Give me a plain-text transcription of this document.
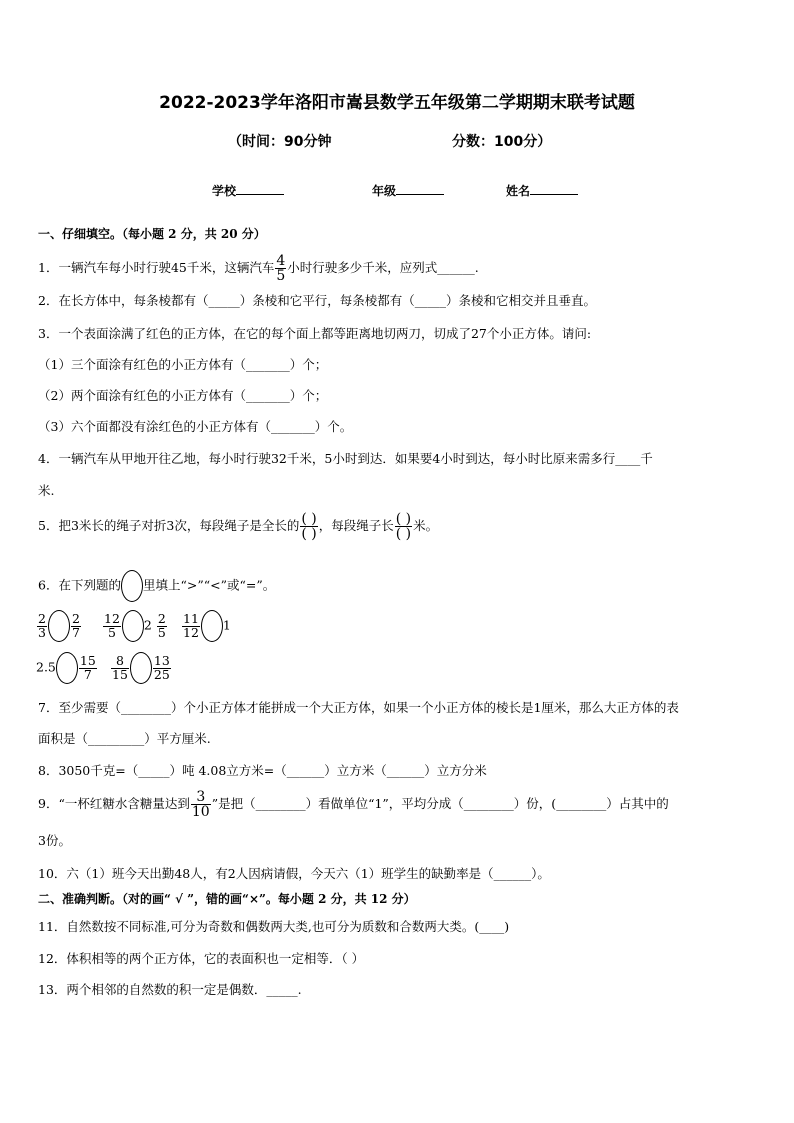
2022-2023学年洛阳市嵩县数学五年级第二学期期末联考试题
（时间：90分钟	分数：100分）
学校	年级	姓名
一、仔细填空。（每小题 2 分，共 20 分）
1．一辆汽车每小时行驶45千米，这辆汽车 $\frac{4}{5}$ 小时行驶多少千米，应列式______.
2．在长方体中，每条棱都有（_____）条棱和它平行，每条棱都有（_____）条棱和它相交并且垂直。
3．一个表面涂满了红色的正方体，在它的每个面上都等距离地切两刀，切成了27个小正方体。请问:
（1）三个面涂有红色的小正方体有（_______）个；
（2）两个面涂有红色的小正方体有（_______）个；
（3）六个面都没有涂红色的小正方体有（_______）个。
4．一辆汽车从甲地开往乙地，每小时行驶32千米，5小时到达．如果要4小时到达，每小时比原来需多行____千
米.
5．把3米长的绳子对折3次，每段绳子是全长的 $\frac{( )}{( )}$ ，每段绳子长 $\frac{( )}{( )}$ 米。
6．在下列题的 里填上“>”“<”或“=”。
$\frac{2}{3} \frac{2}{7} \frac{12}{5} 2 \frac{2}{5} \frac{11}{12} 1$
$2.5 \frac{15}{7} \frac{8}{15} \frac{13}{25}$
7．至少需要（________）个小正方体才能拼成一个大正方体，如果一个小正方体的棱长是1厘米，那么大正方体的表
面积是（_________）平方厘米.
8．3050千克=（_____）吨 4.08立方米=（______）立方米（______）立方分米
9．“一杯红糖水含糖量达到 $\frac{3}{10}$ ”是把（________）看做单位“1”，平均分成（________）份，(________）占其中的
3份。
10．六（1）班今天出勤48人，有2人因病请假，今天六（1）班学生的缺勤率是（______）。
二、准确判断。（对的画“ √ ”，错的画“×”。每小题 2 分，共 12 分）
11．自然数按不同标准,可分为奇数和偶数两大类,也可分为质数和合数两大类。(____)
12．体积相等的两个正方体，它的表面积也一定相等．（ ）
13．两个相邻的自然数的积一定是偶数．_____.
